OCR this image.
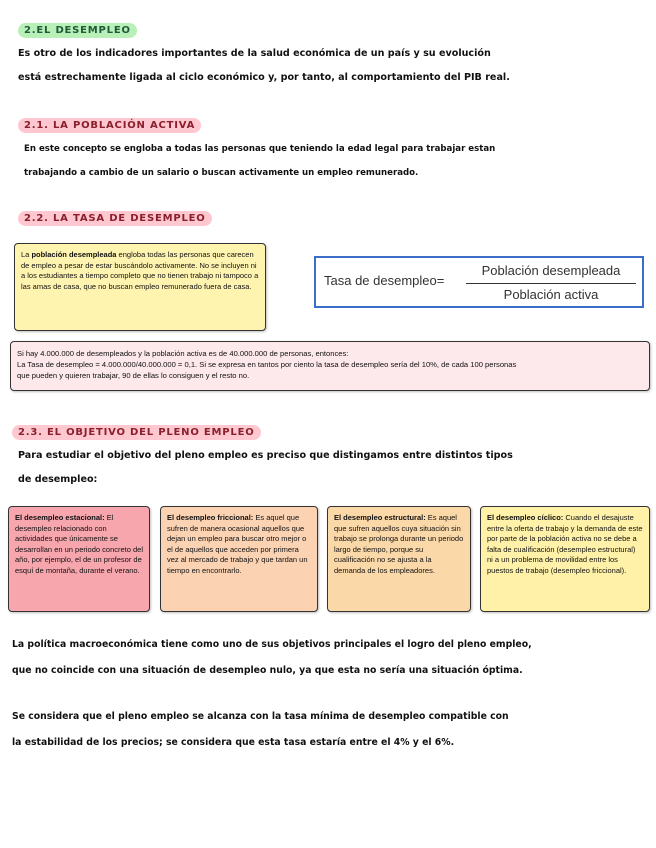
2.EL DESEMPLEO

Es otro de los indicadores importantes de la salud económica de un país y su evolución
está estrechamente ligada al ciclo económico y, por tanto, al comportamiento del PIB real.

2.1. LA POBLACIÓN ACTIVA

En este concepto se engloba a todas las personas que teniendo la edad legal para trabajar estan
trabajando a cambio de un salario o buscan activamente un empleo remunerado.

2.2. LA TASA DE DESEMPLEO
La población desempleada engloba todas las personas que carecen de empleo a pesar de estar buscándolo activamente. No se incluyen ni a los estudiantes a tiempo completo que no tienen trabajo ni tampoco a las amas de casa, que no buscan empleo remunerado fuera de casa.	Tasa de desempleo=
Población desempleada
Población activa
Si hay 4.000.000 de desempleados y la población activa es de 40.000.000 de personas, entonces:
La Tasa de desempleo = 4.000.000/40.000.000 = 0,1. Si se expresa en tantos por ciento la tasa de desempleo sería del 10%, de cada 100 personas
que pueden y quieren trabajar, 90 de ellas lo consiguen y el resto no.
2.3. EL OBJETIVO DEL PLENO EMPLEO

Para estudiar el objetivo del pleno empleo es preciso que distingamos entre distintos tipos
de desempleo:

El desempleo estacional: El desempleo relacionado con actividades que únicamente se desarrollan en un periodo concreto del año, por ejemplo, el de un profesor de esquí de montaña, durante el verano.
El desempleo friccional: Es aquel que sufren de manera ocasional aquellos que dejan un empleo para buscar otro mejor o el de aquellos que acceden por primera vez al mercado de trabajo y que tardan un tiempo en encontrarlo.
El desempleo estructural: Es aquel que sufren aquellos cuya situación sin trabajo se prolonga durante un periodo largo de tiempo, porque su cualificación no se ajusta a la demanda de los empleadores.
El desempleo cíclico: Cuando el desajuste entre la oferta de trabajo y la demanda de este por parte de la población activa no se debe a falta de cualificación (desempleo estructural) ni a un problema de movilidad entre los puestos de trabajo (desempleo friccional).

La política macroeconómica tiene como uno de sus objetivos principales el logro del pleno empleo,
que no coincide con una situación de desempleo nulo, ya que esta no sería una situación óptima.

Se considera que el pleno empleo se alcanza con la tasa mínima de desempleo compatible con
la estabilidad de los precios; se considera que esta tasa estaría entre el 4% y el 6%.
